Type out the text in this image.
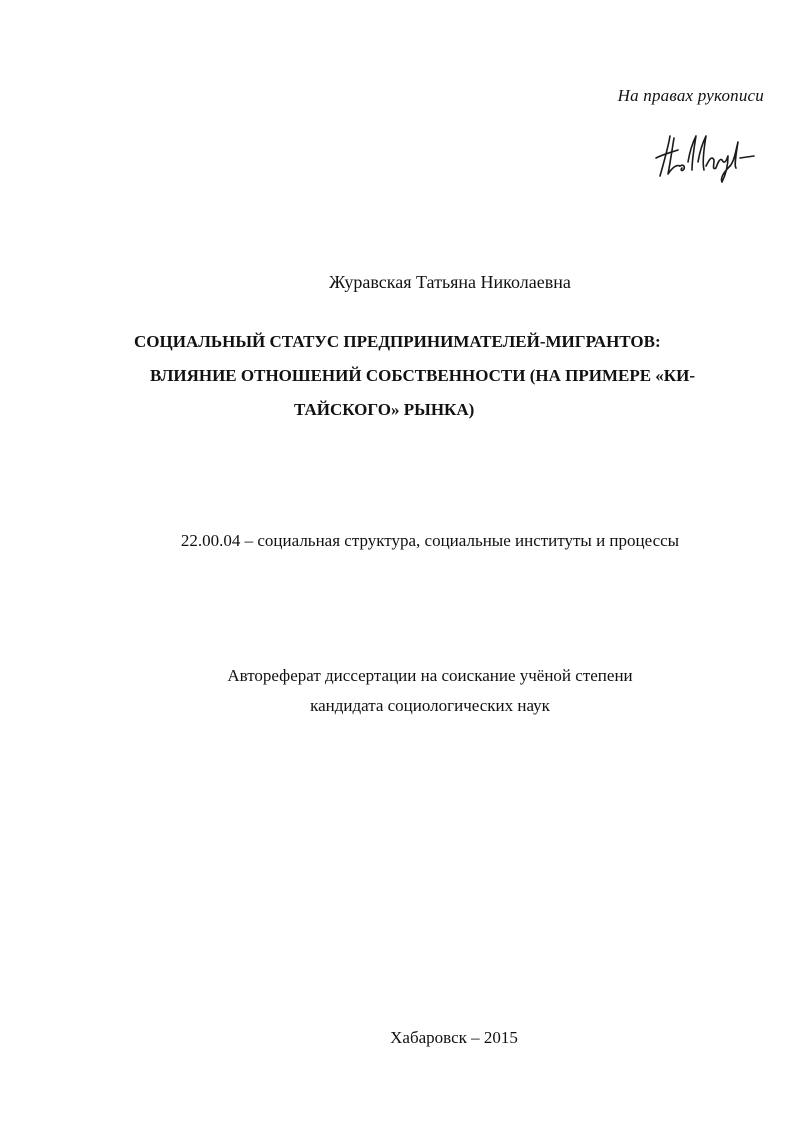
На правах рукописи
Журавская Татьяна Николаевна
СОЦИАЛЬНЫЙ СТАТУС ПРЕДПРИНИМАТЕЛЕЙ-МИГРАНТОВ:
ВЛИЯНИЕ ОТНОШЕНИЙ СОБСТВЕННОСТИ (НА ПРИМЕРЕ «КИ-
ТАЙСКОГО» РЫНКА)
22.00.04 – социальная структура, социальные институты и процессы
Автореферат диссертации на соискание учёной степени
кандидата социологических наук
Хабаровск – 2015
